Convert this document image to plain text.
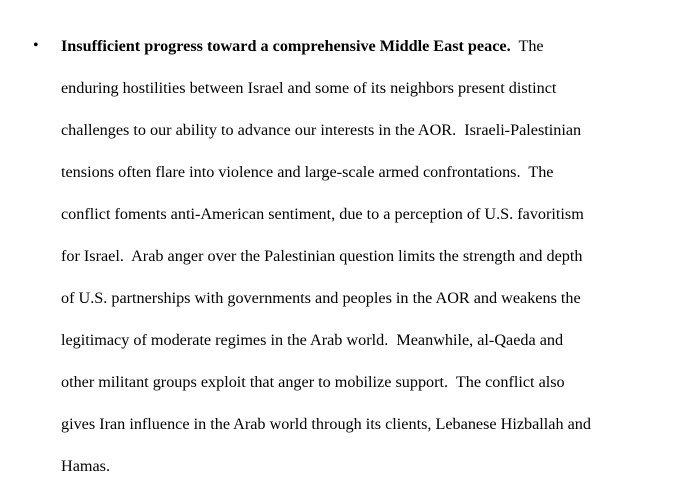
• Insufficient progress toward a comprehensive Middle East peace. The
enduring hostilities between Israel and some of its neighbors present distinct
challenges to our ability to advance our interests in the AOR.  Israeli-Palestinian
tensions often flare into violence and large-scale armed confrontations.  The
conflict foments anti-American sentiment, due to a perception of U.S. favoritism
for Israel.  Arab anger over the Palestinian question limits the strength and depth
of U.S. partnerships with governments and peoples in the AOR and weakens the
legitimacy of moderate regimes in the Arab world.  Meanwhile, al-Qaeda and
other militant groups exploit that anger to mobilize support.  The conflict also
gives Iran influence in the Arab world through its clients, Lebanese Hizballah and
Hamas.
